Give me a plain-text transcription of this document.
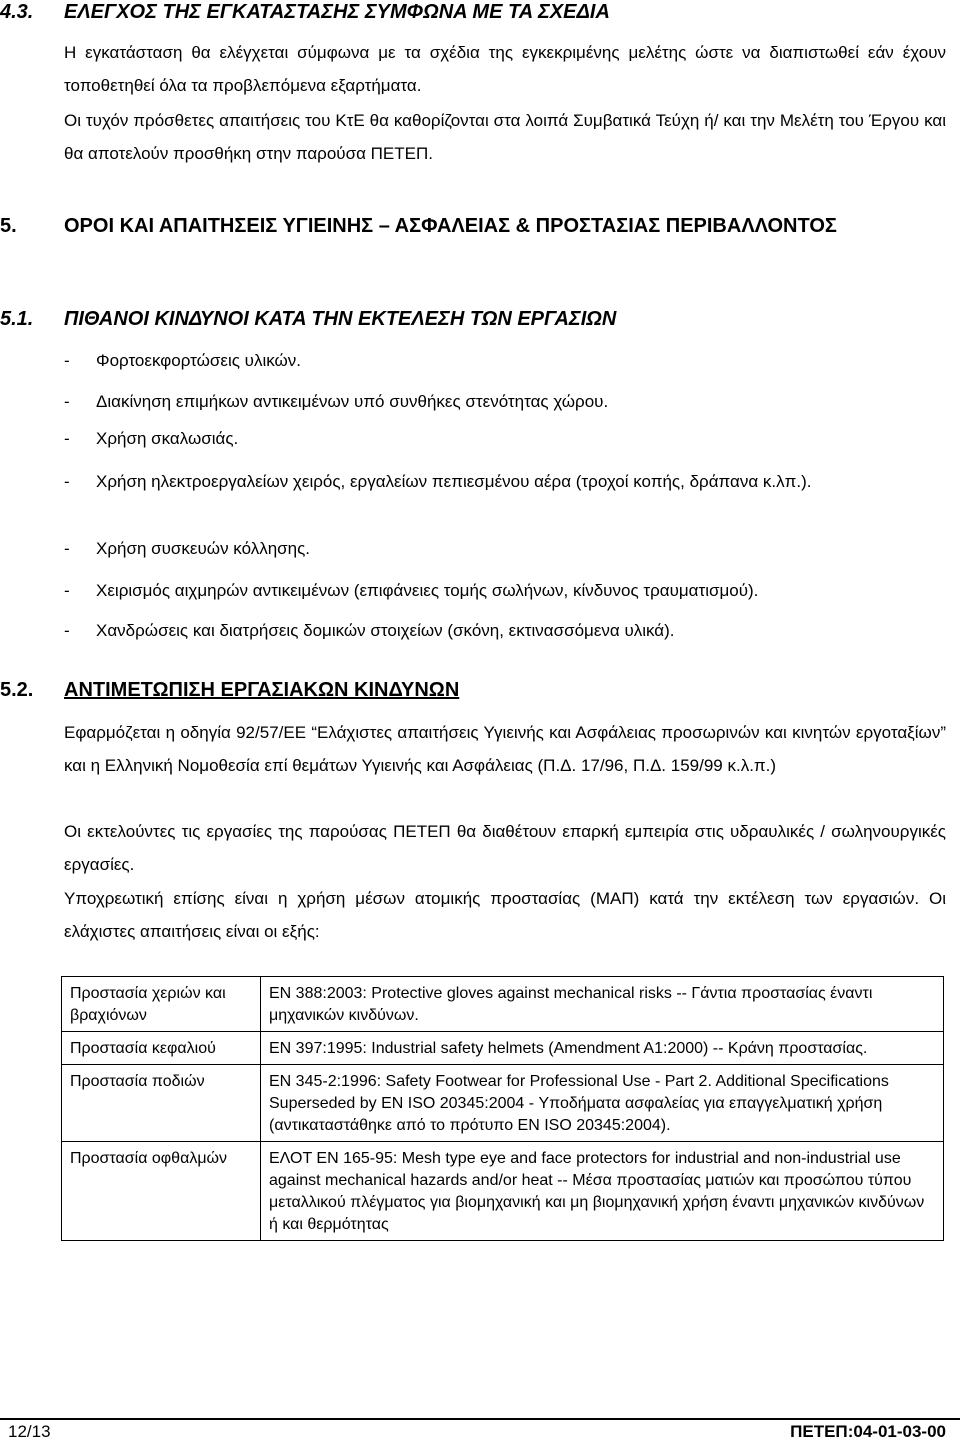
4.3.	ΕΛΕΓΧΟΣ ΤΗΣ ΕΓΚΑΤΑΣΤΑΣΗΣ ΣΥΜΦΩΝΑ ΜΕ ΤΑ ΣΧΕΔΙΑ
Η εγκατάσταση θα ελέγχεται σύμφωνα με τα σχέδια της εγκεκριμένης μελέτης ώστε να διαπιστωθεί εάν έχουν τοποθετηθεί όλα τα προβλεπόμενα εξαρτήματα.
Οι τυχόν πρόσθετες απαιτήσεις του ΚτΕ θα καθορίζονται στα λοιπά Συμβατικά Τεύχη ή/ και την Μελέτη του Έργου και θα αποτελούν προσθήκη στην παρούσα ΠΕΤΕΠ.
5. ΟΡΟΙ ΚΑΙ ΑΠΑΙΤΗΣΕΙΣ ΥΓΙΕΙΝΗΣ – ΑΣΦΑΛΕΙΑΣ & ΠΡΟΣΤΑΣΙΑΣ ΠΕΡΙΒΑΛΛΟΝΤΟΣ
5.1.	ΠΙΘΑΝΟΙ ΚΙΝΔΥΝΟΙ ΚΑΤΑ ΤΗΝ ΕΚΤΕΛΕΣΗ ΤΩΝ ΕΡΓΑΣΙΩΝ
-	Φορτοεκφορτώσεις υλικών.
-	Διακίνηση επιμήκων αντικειμένων υπό συνθήκες στενότητας χώρου.
-	Χρήση σκαλωσιάς.
-	Χρήση ηλεκτροεργαλείων χειρός, εργαλείων πεπιεσμένου αέρα (τροχοί κοπής, δράπανα κ.λπ.).
-	Χρήση συσκευών κόλλησης.
-	Χειρισμός αιχμηρών αντικειμένων (επιφάνειες τομής σωλήνων, κίνδυνος τραυματισμού).
-	Χανδρώσεις και διατρήσεις δομικών στοιχείων (σκόνη, εκτινασσόμενα υλικά).
5.2.	ΑΝΤΙΜΕΤΩΠΙΣΗ ΕΡΓΑΣΙΑΚΩΝ ΚΙΝΔΥΝΩΝ
Εφαρμόζεται η οδηγία 92/57/ΕΕ “Ελάχιστες απαιτήσεις Υγιεινής και Ασφάλειας προσωρινών και κινητών εργοταξίων” και η Ελληνική Νομοθεσία επί θεμάτων Υγιεινής και Ασφάλειας (Π.Δ. 17/96, Π.Δ. 159/99 κ.λ.π.)
Οι εκτελούντες τις εργασίες της παρούσας ΠΕΤΕΠ θα διαθέτουν επαρκή εμπειρία στις υδραυλικές / σωληνουργικές εργασίες.
Υποχρεωτική επίσης είναι η χρήση μέσων ατομικής προστασίας (ΜΑΠ) κατά την εκτέλεση των εργασιών. Οι ελάχιστες απαιτήσεις είναι οι εξής:
Προστασία χεριών και βραχιόνων	EN 388:2003: Protective gloves against mechanical risks -- Γάντια προστασίας έναντι μηχανικών κινδύνων.
Προστασία κεφαλιού	EN 397:1995: Industrial safety helmets (Amendment A1:2000) -- Κράνη προστασίας.
Προστασία ποδιών	EN 345-2:1996: Safety Footwear for Professional Use - Part 2. Additional Specifications Superseded by EN ISO 20345:2004 - Υποδήματα ασφαλείας για επαγγελματική χρήση (αντικαταστάθηκε από το πρότυπο EN ISO 20345:2004).
Προστασία οφθαλμών	ΕΛΟΤ ΕΝ 165-95: Mesh type eye and face protectors for industrial and non-industrial use against mechanical hazards and/or heat -- Μέσα προστασίας ματιών και προσώπου τύπου μεταλλικού πλέγματος για βιομηχανική και μη βιομηχανική χρήση έναντι μηχανικών κινδύνων ή και θερμότητας
12/13	ΠΕΤΕΠ:04-01-03-00
